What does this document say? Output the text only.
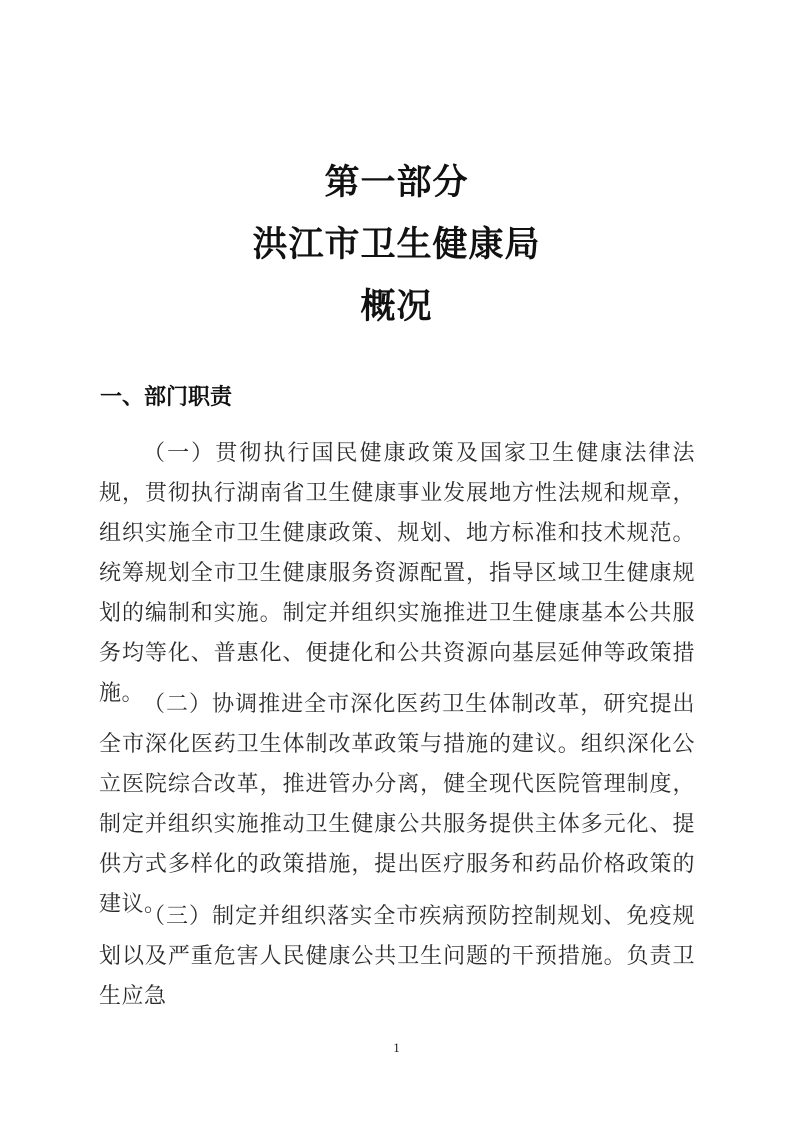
第一部分
洪江市卫生健康局
概况
一、部门职责

（一）贯彻执行国民健康政策及国家卫生健康法律法规，贯彻执行湖南省卫生健康事业发展地方性法规和规章，组织实施全市卫生健康政策、规划、地方标准和技术规范。统筹规划全市卫生健康服务资源配置，指导区域卫生健康规划的编制和实施。制定并组织实施推进卫生健康基本公共服务均等化、普惠化、便捷化和公共资源向基层延伸等政策措施。

（二）协调推进全市深化医药卫生体制改革，研究提出全市深化医药卫生体制改革政策与措施的建议。组织深化公立医院综合改革，推进管办分离，健全现代医院管理制度，制定并组织实施推动卫生健康公共服务提供主体多元化、提供方式多样化的政策措施，提出医疗服务和药品价格政策的建议。

（三）制定并组织落实全市疾病预防控制规划、免疫规划以及严重危害人民健康公共卫生问题的干预措施。负责卫生应急

1
